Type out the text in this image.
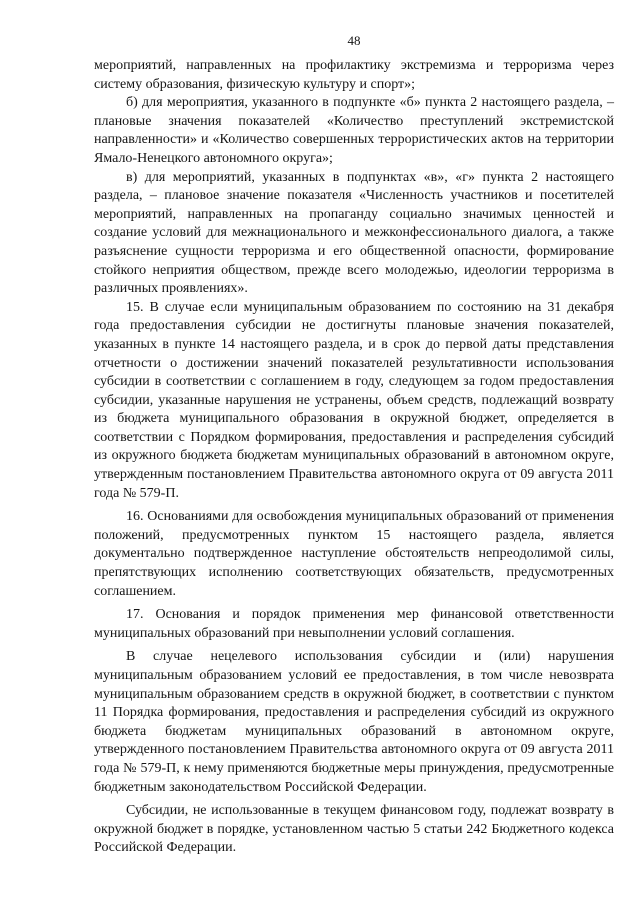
48

мероприятий, направленных на профилактику экстремизма и терроризма через систему образования, физическую культуру и спорт»;

б) для мероприятия, указанного в подпункте «б» пункта 2 настоящего раздела, – плановые значения показателей «Количество преступлений экстремистской направленности» и «Количество совершенных террористических актов на территории Ямало-Ненецкого автономного округа»;

в) для мероприятий, указанных в подпунктах «в», «г» пункта 2 настоящего раздела, – плановое значение показателя «Численность участников и посетителей мероприятий, направленных на пропаганду социально значимых ценностей и создание условий для межнационального и межконфессионального диалога, а также разъяснение сущности терроризма и его общественной опасности, формирование стойкого неприятия обществом, прежде всего молодежью, идеологии терроризма в различных проявлениях».

15. В случае если муниципальным образованием по состоянию на 31 декабря года предоставления субсидии не достигнуты плановые значения показателей, указанных в пункте 14 настоящего раздела, и в срок до первой даты представления отчетности о достижении значений показателей результативности использования субсидии в соответствии с соглашением в году, следующем за годом предоставления субсидии, указанные нарушения не устранены, объем средств, подлежащий возврату из бюджета муниципального образования в окружной бюджет, определяется в соответствии с Порядком формирования, предоставления и распределения субсидий из окружного бюджета бюджетам муниципальных образований в автономном округе, утвержденным постановлением Правительства автономного округа от 09 августа 2011 года № 579-П.

16. Основаниями для освобождения муниципальных образований от применения положений, предусмотренных пунктом 15 настоящего раздела, является документально подтвержденное наступление обстоятельств непреодолимой силы, препятствующих исполнению соответствующих обязательств, предусмотренных соглашением.

17. Основания и порядок применения мер финансовой ответственности муниципальных образований при невыполнении условий соглашения.

В случае нецелевого использования субсидии и (или) нарушения муниципальным образованием условий ее предоставления, в том числе невозврата муниципальным образованием средств в окружной бюджет, в соответствии с пунктом 11 Порядка формирования, предоставления и распределения субсидий из окружного бюджета бюджетам муниципальных образований в автономном округе, утвержденного постановлением Правительства автономного округа от 09 августа 2011 года № 579-П, к нему применяются бюджетные меры принуждения, предусмотренные бюджетным законодательством Российской Федерации.

Субсидии, не использованные в текущем финансовом году, подлежат возврату в окружной бюджет в порядке, установленном частью 5 статьи 242 Бюджетного кодекса Российской Федерации.
